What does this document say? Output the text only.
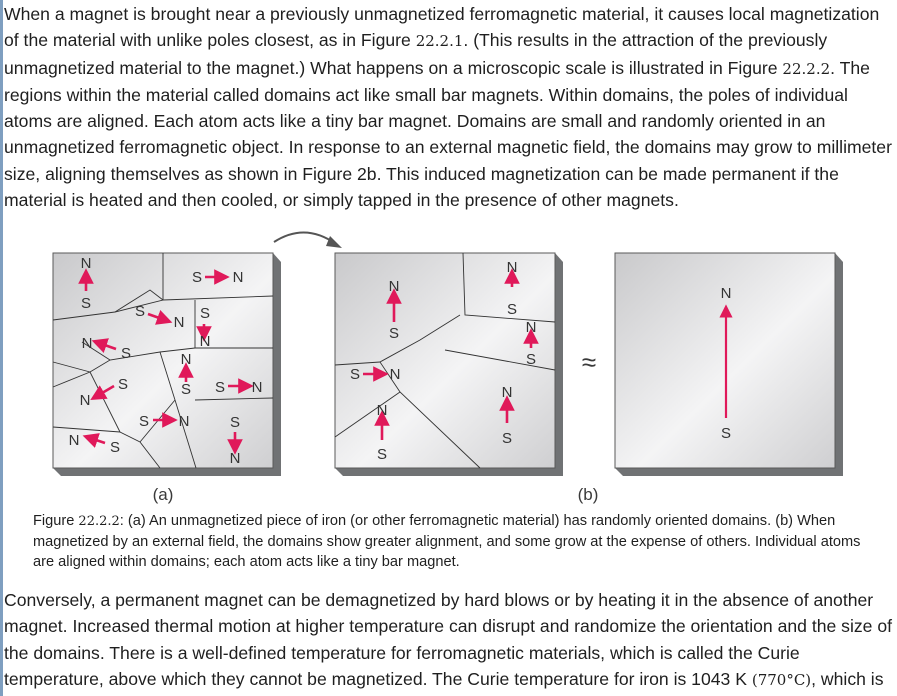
When a magnet is brought near a previously unmagnetized ferromagnetic material, it causes local magnetization of the material with unlike poles closest, as in Figure 22.2.1. (This results in the attraction of the previously unmagnetized material to the magnet.) What happens on a microscopic scale is illustrated in Figure 22.2.2. The regions within the material called domains act like small bar magnets. Within domains, the poles of individual atoms are aligned. Each atom acts like a tiny bar magnet. Domains are small and randomly oriented in an unmagnetized ferromagnetic object. In response to an external magnetic field, the domains may grow to millimeter size, aligning themselves as shown in Figure 2b. This induced magnetization can be made permanent if the material is heated and then cooled, or simply tapped in the presence of other magnets.

N
S
S N
S
N
S
N
N
S	N
S S N
S
N
S N
N S
S
N
N
S
N
S
N
S
S N
N
S
N
S
N
S
≈
(a)	(b)

Figure 22.2.2: (a) An unmagnetized piece of iron (or other ferromagnetic material) has randomly oriented domains. (b) When magnetized by an external field, the domains show greater alignment, and some grow at the expense of others. Individual atoms are aligned within domains; each atom acts like a tiny bar magnet.

Conversely, a permanent magnet can be demagnetized by hard blows or by heating it in the absence of another magnet. Increased thermal motion at higher temperature can disrupt and randomize the orientation and the size of the domains. There is a well-defined temperature for ferromagnetic materials, which is called the Curie temperature, above which they cannot be magnetized. The Curie temperature for iron is 1043 K (770°C), which is
